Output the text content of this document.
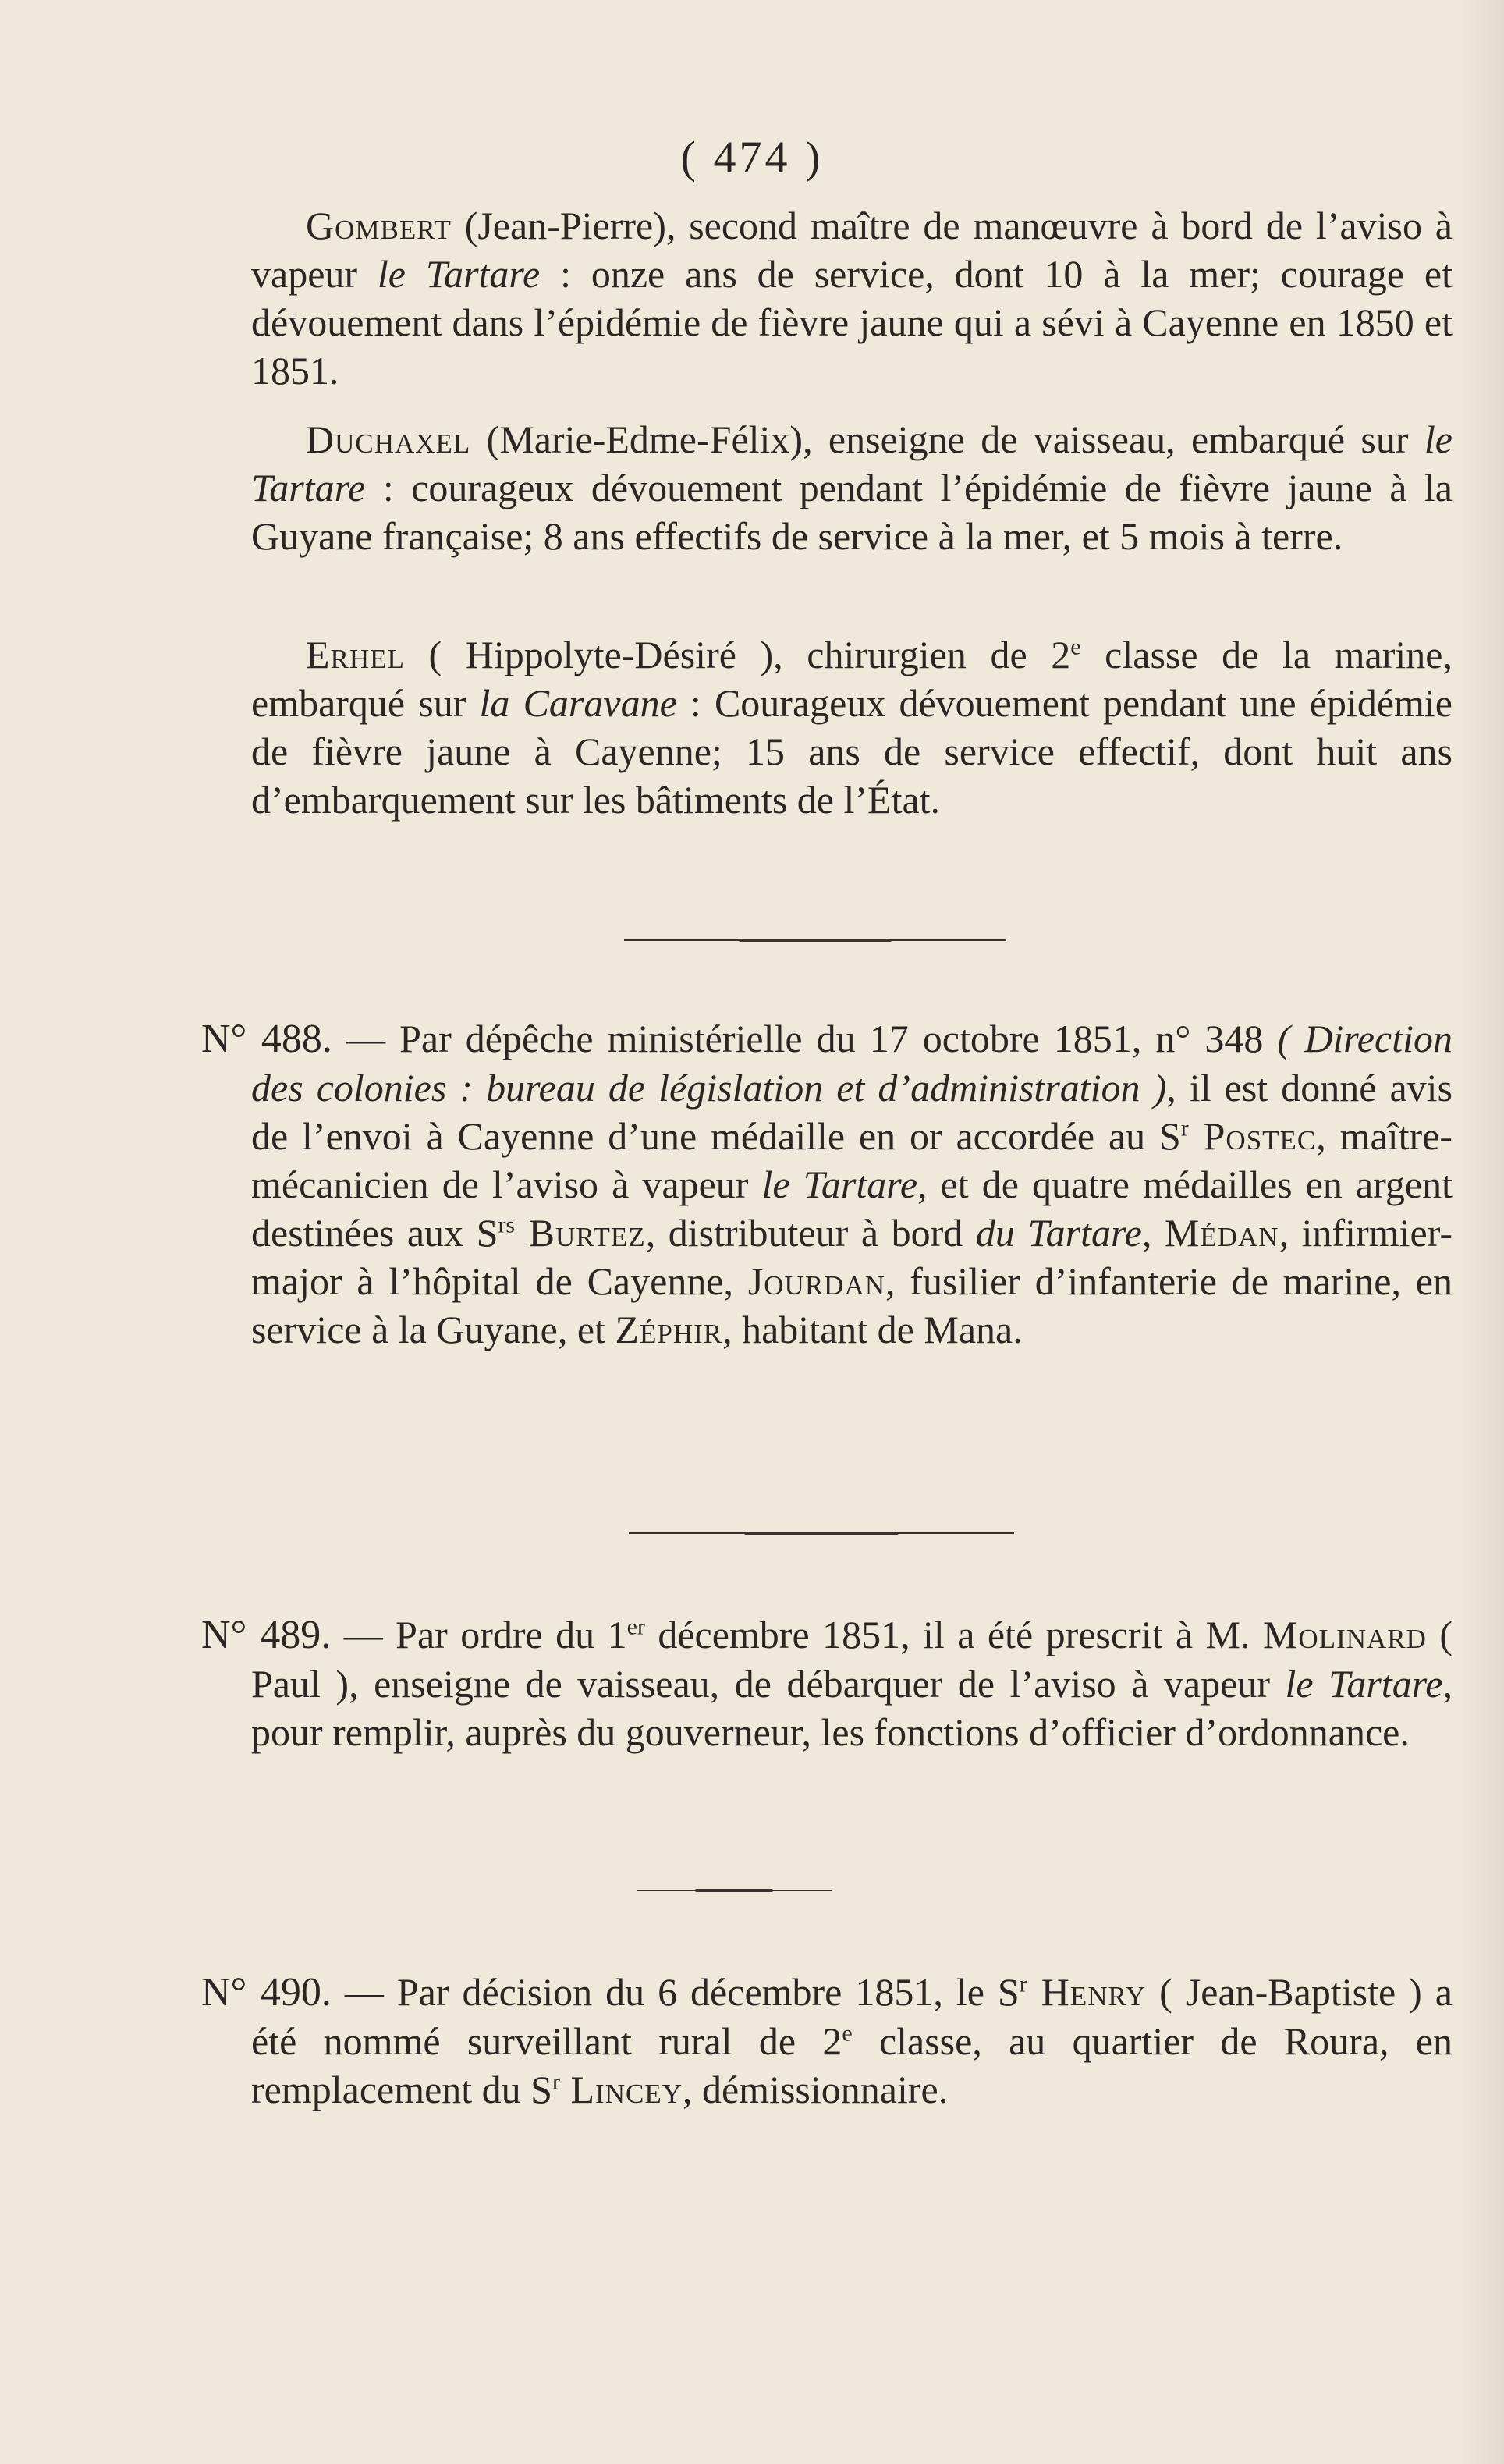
( 474 )

Gombert (Jean-Pierre), second maître de manœuvre à bord de l’aviso à vapeur le Tartare : onze ans de service, dont 10 à la mer; courage et dévouement dans l’épidémie de fièvre jaune qui a sévi à Cayenne en 1850 et 1851.

Duchaxel (Marie-Edme-Félix), enseigne de vaisseau, embarqué sur le Tartare : courageux dévouement pendant l’épidémie de fièvre jaune à la Guyane française; 8 ans effectifs de service à la mer, et 5 mois à terre.

Erhel ( Hippolyte-Désiré ), chirurgien de 2e classe de la marine, embarqué sur la Caravane : Courageux dévouement pendant une épidémie de fièvre jaune à Cayenne; 15 ans de service effectif, dont huit ans d’embarquement sur les bâtiments de l’État.

N° 488. — Par dépêche ministérielle du 17 octobre 1851, n° 348 ( Direction des colonies : bureau de législation et d’administration ), il est donné avis de l’envoi à Cayenne d’une médaille en or accordée au $S^r$ Postec, maître-mécanicien de l’aviso à vapeur le Tartare, et de quatre médailles en argent destinées aux $S^{rs}$ Burtez, distributeur à bord du Tartare, Médan, infirmier-major à l’hôpital de Cayenne, Jourdan, fusilier d’infanterie de marine, en service à la Guyane, et Zéphir, habitant de Mana.

N° 489. — Par ordre du 1er décembre 1851, il a été prescrit à M. Molinard ( Paul ), enseigne de vaisseau, de débarquer de l’aviso à vapeur le Tartare, pour remplir, auprès du gouverneur, les fonctions d’officier d’ordonnance.

N° 490. — Par décision du 6 décembre 1851, le $S^r$ Henry ( Jean-Baptiste ) a été nommé surveillant rural de 2e classe, au quartier de Roura, en remplacement du $S^r$ Lincey, démissionnaire.
